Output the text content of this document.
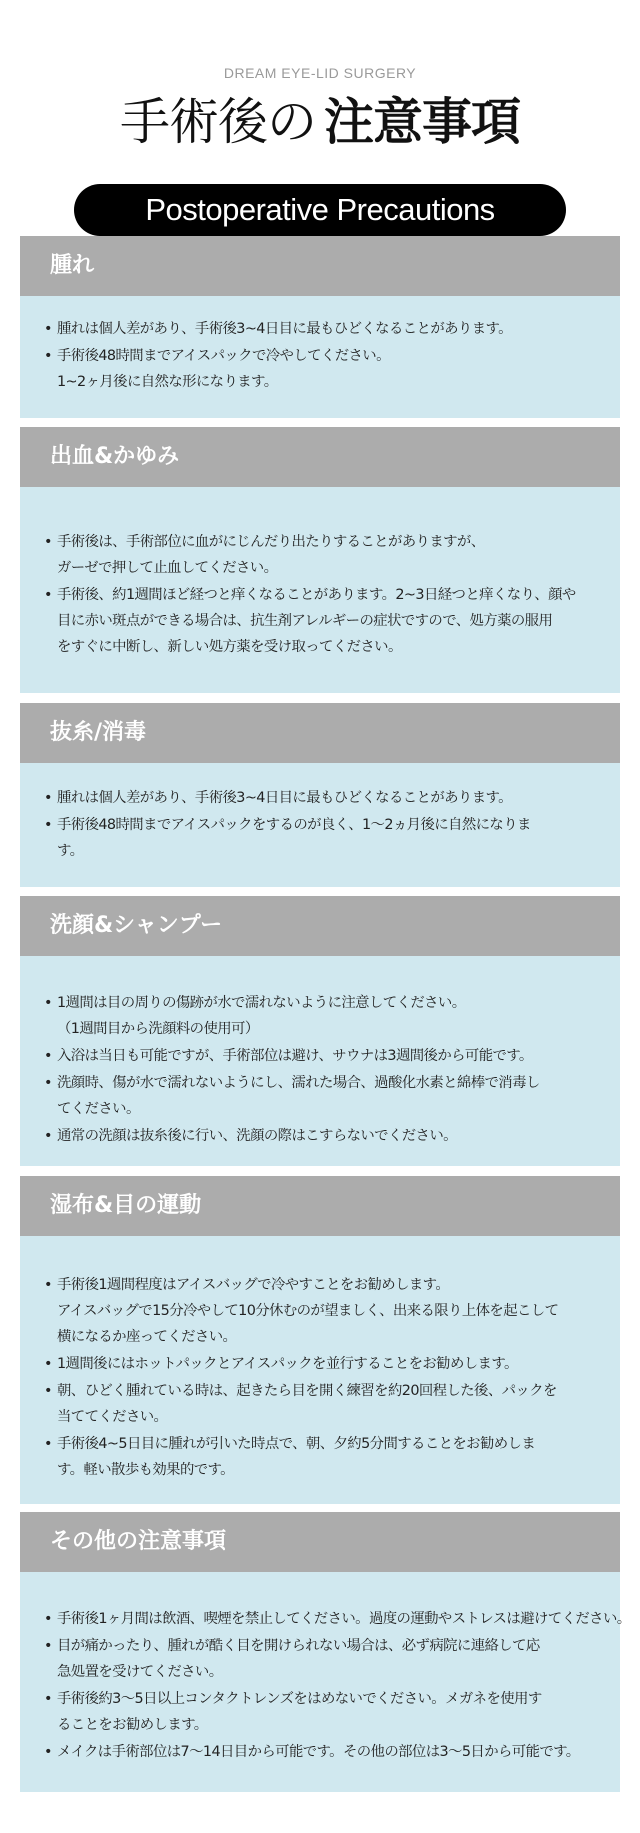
DREAM EYE-LID SURGERY
手術後の 注意事項
Postoperative Precautions
腫れ
• 腫れは個人差があり、手術後3~4日目に最もひどくなることがあります。
• 手術後48時間までアイスパックで冷やしてください。
1~2ヶ月後に自然な形になります。
出血&かゆみ
• 手術後は、手術部位に血がにじんだり出たりすることがありますが、
ガーゼで押して止血してください。
• 手術後、約1週間ほど経つと痒くなることがあります。2~3日経つと痒くなり、顔や
目に赤い斑点ができる場合は、抗生剤アレルギーの症状ですので、処方薬の服用
をすぐに中断し、新しい処方薬を受け取ってください。
抜糸/消毒
• 腫れは個人差があり、手術後3~4日目に最もひどくなることがあります。
• 手術後48時間までアイスパックをするのが良く、1〜2ヵ月後に自然になりま
す。
洗顔&シャンプー
• 1週間は目の周りの傷跡が水で濡れないように注意してください。
（1週間目から洗顔料の使用可）
• 入浴は当日も可能ですが、手術部位は避け、サウナは3週間後から可能です。
• 洗顔時、傷が水で濡れないようにし、濡れた場合、過酸化水素と綿棒で消毒し
てください。
• 通常の洗顔は抜糸後に行い、洗顔の際はこすらないでください。
湿布&目の運動
• 手術後1週間程度はアイスバッグで冷やすことをお勧めします。
アイスバッグで15分冷やして10分休むのが望ましく、出来る限り上体を起こして
横になるか座ってください。
• 1週間後にはホットパックとアイスパックを並行することをお勧めします。
• 朝、ひどく腫れている時は、起きたら目を開く練習を約20回程した後、パックを
当ててください。
• 手術後4~5日目に腫れが引いた時点で、朝、夕約5分間することをお勧めしま
す。軽い散歩も効果的です。
その他の注意事項
• 手術後1ヶ月間は飲酒、喫煙を禁止してください。過度の運動やストレスは避けてください。
• 目が痛かったり、腫れが酷く目を開けられない場合は、必ず病院に連絡して応
急処置を受けてください。
• 手術後約3〜5日以上コンタクトレンズをはめないでください。メガネを使用す
ることをお勧めします。
• メイクは手術部位は7〜14日目から可能です。その他の部位は3〜5日から可能です。
